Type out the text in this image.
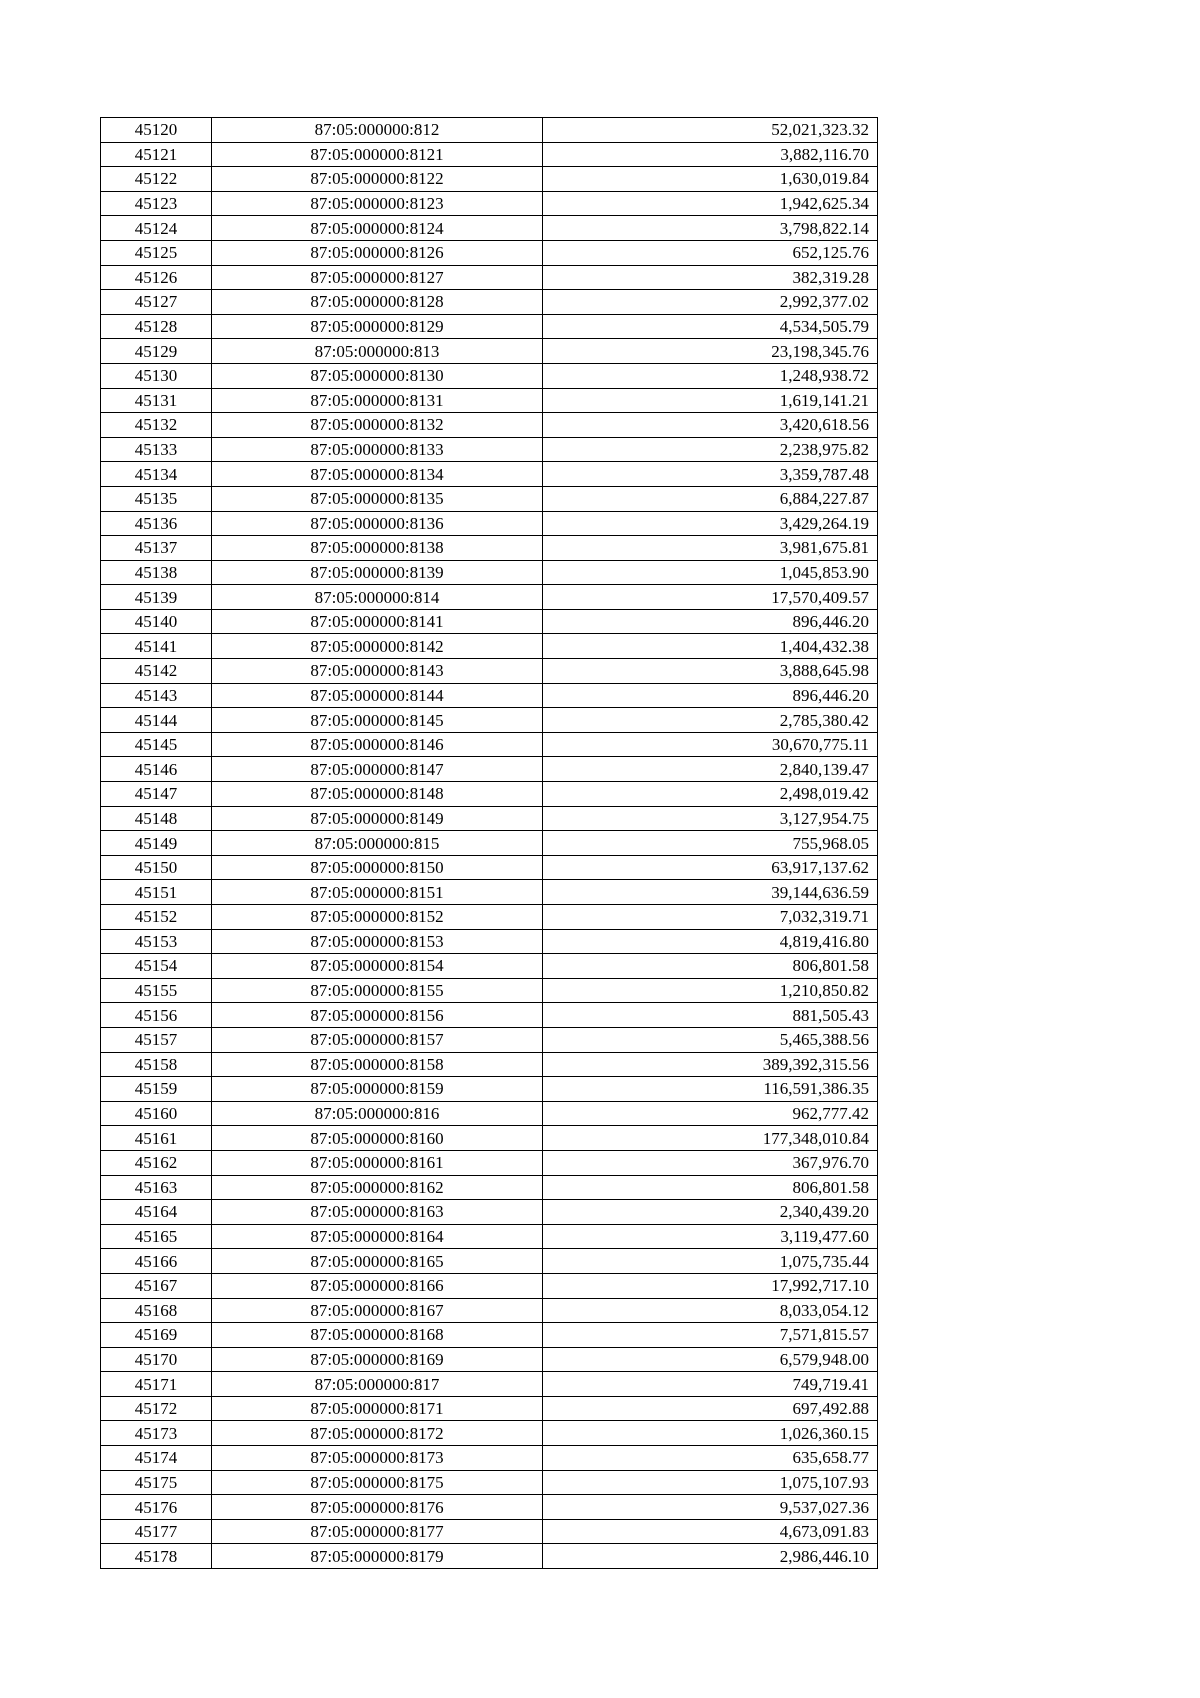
45120	87:05:000000:812	52,021,323.32
45121	87:05:000000:8121	3,882,116.70
45122	87:05:000000:8122	1,630,019.84
45123	87:05:000000:8123	1,942,625.34
45124	87:05:000000:8124	3,798,822.14
45125	87:05:000000:8126	652,125.76
45126	87:05:000000:8127	382,319.28
45127	87:05:000000:8128	2,992,377.02
45128	87:05:000000:8129	4,534,505.79
45129	87:05:000000:813	23,198,345.76
45130	87:05:000000:8130	1,248,938.72
45131	87:05:000000:8131	1,619,141.21
45132	87:05:000000:8132	3,420,618.56
45133	87:05:000000:8133	2,238,975.82
45134	87:05:000000:8134	3,359,787.48
45135	87:05:000000:8135	6,884,227.87
45136	87:05:000000:8136	3,429,264.19
45137	87:05:000000:8138	3,981,675.81
45138	87:05:000000:8139	1,045,853.90
45139	87:05:000000:814	17,570,409.57
45140	87:05:000000:8141	896,446.20
45141	87:05:000000:8142	1,404,432.38
45142	87:05:000000:8143	3,888,645.98
45143	87:05:000000:8144	896,446.20
45144	87:05:000000:8145	2,785,380.42
45145	87:05:000000:8146	30,670,775.11
45146	87:05:000000:8147	2,840,139.47
45147	87:05:000000:8148	2,498,019.42
45148	87:05:000000:8149	3,127,954.75
45149	87:05:000000:815	755,968.05
45150	87:05:000000:8150	63,917,137.62
45151	87:05:000000:8151	39,144,636.59
45152	87:05:000000:8152	7,032,319.71
45153	87:05:000000:8153	4,819,416.80
45154	87:05:000000:8154	806,801.58
45155	87:05:000000:8155	1,210,850.82
45156	87:05:000000:8156	881,505.43
45157	87:05:000000:8157	5,465,388.56
45158	87:05:000000:8158	389,392,315.56
45159	87:05:000000:8159	116,591,386.35
45160	87:05:000000:816	962,777.42
45161	87:05:000000:8160	177,348,010.84
45162	87:05:000000:8161	367,976.70
45163	87:05:000000:8162	806,801.58
45164	87:05:000000:8163	2,340,439.20
45165	87:05:000000:8164	3,119,477.60
45166	87:05:000000:8165	1,075,735.44
45167	87:05:000000:8166	17,992,717.10
45168	87:05:000000:8167	8,033,054.12
45169	87:05:000000:8168	7,571,815.57
45170	87:05:000000:8169	6,579,948.00
45171	87:05:000000:817	749,719.41
45172	87:05:000000:8171	697,492.88
45173	87:05:000000:8172	1,026,360.15
45174	87:05:000000:8173	635,658.77
45175	87:05:000000:8175	1,075,107.93
45176	87:05:000000:8176	9,537,027.36
45177	87:05:000000:8177	4,673,091.83
45178	87:05:000000:8179	2,986,446.10
